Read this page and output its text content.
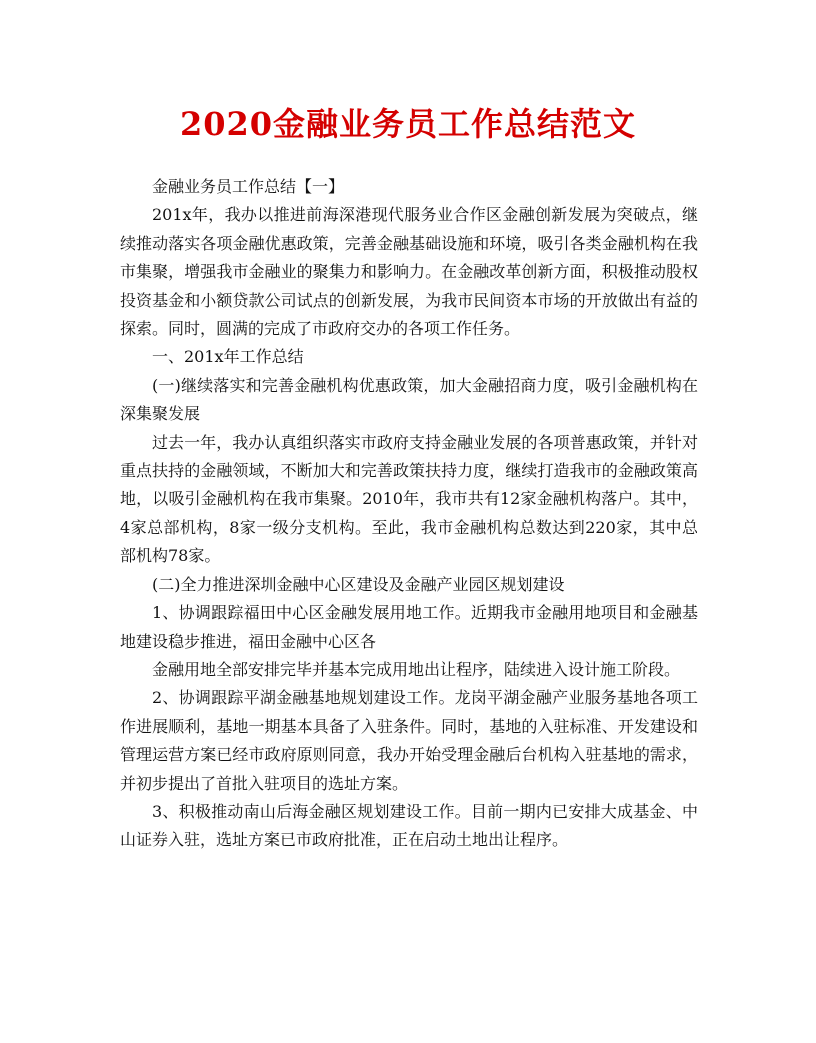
2020金融业务员工作总结范文

金融业务员工作总结【一】

201x年，我办以推进前海深港现代服务业合作区金融创新发展为突破点，继续推动落实各项金融优惠政策，完善金融基础设施和环境，吸引各类金融机构在我市集聚，增强我市金融业的聚集力和影响力。在金融改革创新方面，积极推动股权投资基金和小额贷款公司试点的创新发展，为我市民间资本市场的开放做出有益的探索。同时，圆满的完成了市政府交办的各项工作任务。

一、201x年工作总结

(一)继续落实和完善金融机构优惠政策，加大金融招商力度，吸引金融机构在深集聚发展

过去一年，我办认真组织落实市政府支持金融业发展的各项普惠政策，并针对重点扶持的金融领域，不断加大和完善政策扶持力度，继续打造我市的金融政策高地，以吸引金融机构在我市集聚。2010年，我市共有12家金融机构落户。其中，4家总部机构，8家一级分支机构。至此，我市金融机构总数达到220家，其中总部机构78家。

(二)全力推进深圳金融中心区建设及金融产业园区规划建设

1、协调跟踪福田中心区金融发展用地工作。近期我市金融用地项目和金融基地建设稳步推进，福田金融中心区各

金融用地全部安排完毕并基本完成用地出让程序，陆续进入设计施工阶段。

2、协调跟踪平湖金融基地规划建设工作。龙岗平湖金融产业服务基地各项工作进展顺利，基地一期基本具备了入驻条件。同时，基地的入驻标准、开发建设和管理运营方案已经市政府原则同意，我办开始受理金融后台机构入驻基地的需求，并初步提出了首批入驻项目的选址方案。

3、积极推动南山后海金融区规划建设工作。目前一期内已安排大成基金、中山证券入驻，选址方案已市政府批准，正在启动土地出让程序。
